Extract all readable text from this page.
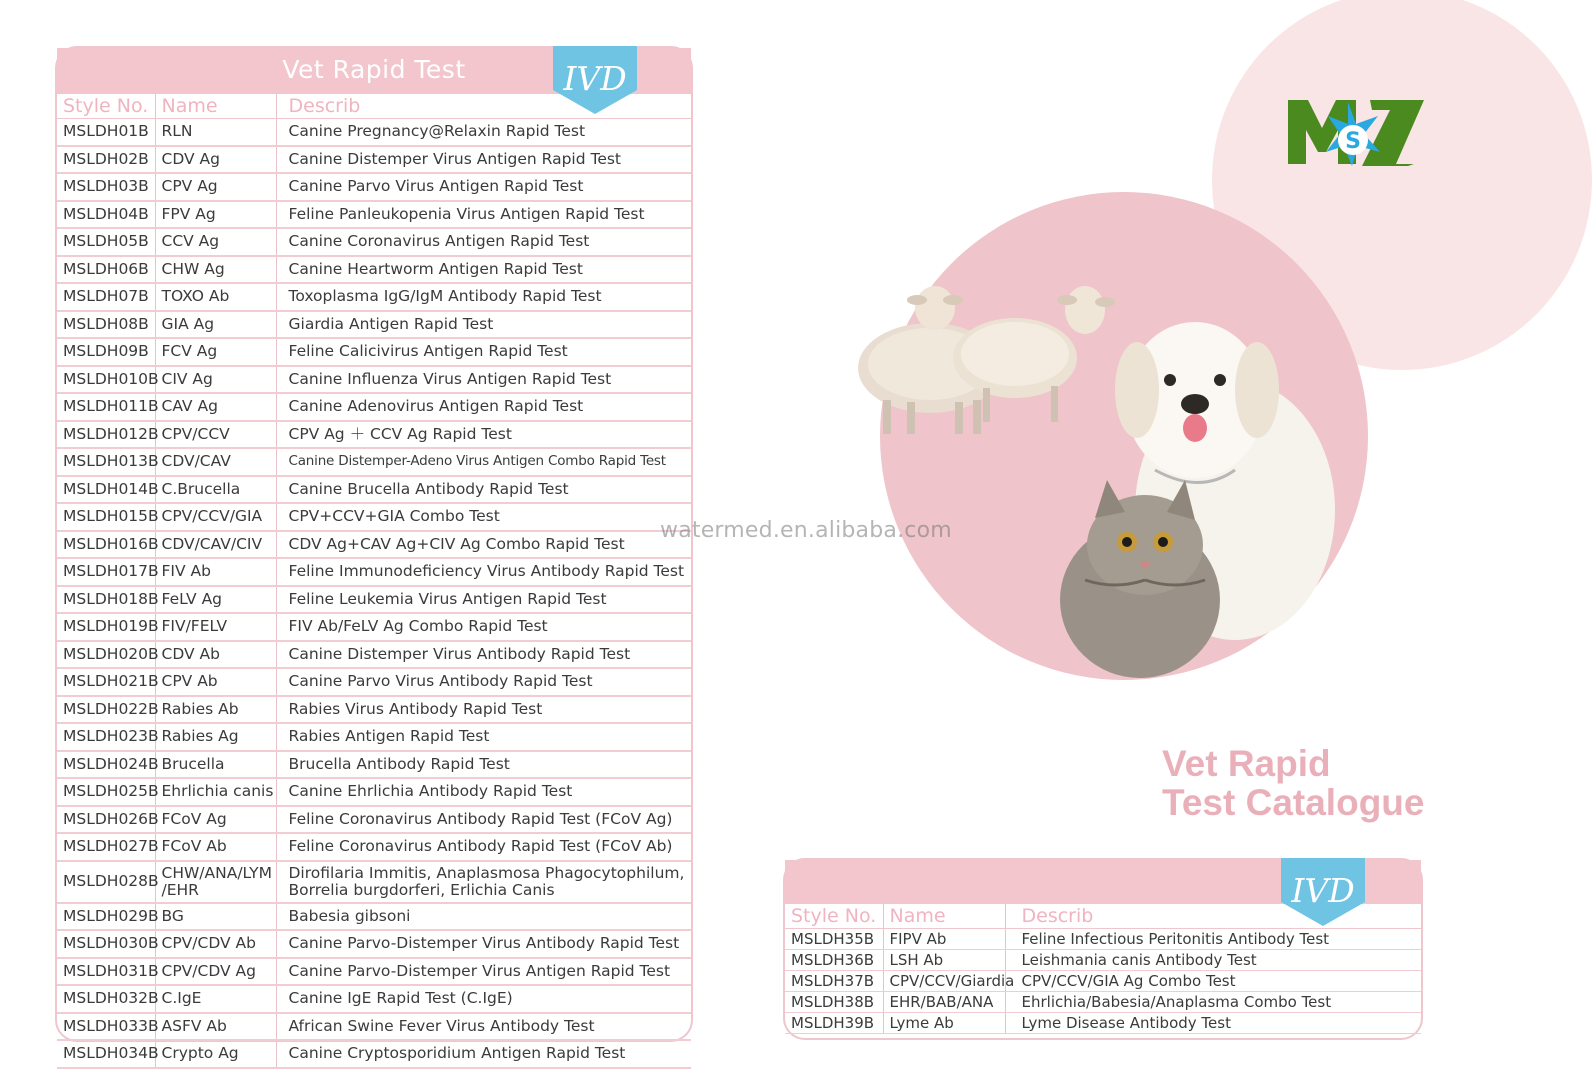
Vet Rapid Test	IVD
Style No.	Name	Describ
MSLDH01B	RLN	Canine Pregnancy@Relaxin Rapid Test
MSLDH02B	CDV Ag	Canine Distemper Virus Antigen Rapid Test
MSLDH03B	CPV Ag	Canine Parvo Virus Antigen Rapid Test
MSLDH04B	FPV Ag	Feline Panleukopenia Virus Antigen Rapid Test
MSLDH05B	CCV Ag	Canine Coronavirus Antigen Rapid Test
MSLDH06B	CHW Ag	Canine Heartworm Antigen Rapid Test
MSLDH07B	TOXO Ab	Toxoplasma IgG/IgM Antibody Rapid Test
MSLDH08B	GIA Ag	Giardia Antigen Rapid Test
MSLDH09B	FCV Ag	Feline Calicivirus Antigen Rapid Test
MSLDH010B	CIV Ag	Canine Influenza Virus Antigen Rapid Test
MSLDH011B	CAV Ag	Canine Adenovirus Antigen Rapid Test
MSLDH012B	CPV/CCV	CPV Ag ＋ CCV Ag Rapid Test
MSLDH013B	CDV/CAV	Canine Distemper-Adeno Virus Antigen Combo Rapid Test
MSLDH014B	C.Brucella	Canine Brucella Antibody Rapid Test
MSLDH015B	CPV/CCV/GIA	CPV+CCV+GIA Combo Test
MSLDH016B	CDV/CAV/CIV	CDV Ag+CAV Ag+CIV Ag Combo Rapid Test
MSLDH017B	FIV Ab	Feline Immunodeficiency Virus Antibody Rapid Test
MSLDH018B	FeLV Ag	Feline Leukemia Virus Antigen Rapid Test
MSLDH019B	FIV/FELV	FIV Ab/FeLV Ag Combo Rapid Test
MSLDH020B	CDV Ab	Canine Distemper Virus Antibody Rapid Test
MSLDH021B	CPV Ab	Canine Parvo Virus Antibody Rapid Test
MSLDH022B	Rabies Ab	Rabies Virus Antibody Rapid Test
MSLDH023B	Rabies Ag	Rabies Antigen Rapid Test
MSLDH024B	Brucella	Brucella Antibody Rapid Test
MSLDH025B	Ehrlichia canis	Canine Ehrlichia Antibody Rapid Test
MSLDH026B	FCoV Ag	Feline Coronavirus Antibody Rapid Test (FCoV Ag)
MSLDH027B	FCoV Ab	Feline Coronavirus Antibody Rapid Test (FCoV Ab)
MSLDH028B	CHW/ANA/LYM /EHR	Dirofilaria Immitis, Anaplasmosa Phagocytophilum, Borrelia burgdorferi, Erlichia Canis
MSLDH029B	BG	Babesia gibsoni
MSLDH030B	CPV/CDV Ab	Canine Parvo-Distemper Virus Antibody Rapid Test
MSLDH031B	CPV/CDV Ag	Canine Parvo-Distemper Virus Antigen Rapid Test
MSLDH032B	C.IgE	Canine IgE Rapid Test (C.IgE)
MSLDH033B	ASFV Ab	African Swine Fever Virus Antibody Test
MSLDH034B	Crypto Ag	Canine Cryptosporidium Antigen Rapid Test
IVD
Style No.	Name	Describ
MSLDH35B	FIPV Ab	Feline Infectious Peritonitis Antibody Test
MSLDH36B	LSH Ab	Leishmania canis Antibody Test
MSLDH37B	CPV/CCV/Giardia	CPV/CCV/GIA Ag Combo Test
MSLDH38B	EHR/BAB/ANA	Ehrlichia/Babesia/Anaplasma Combo Test
MSLDH39B	Lyme Ab	Lyme Disease Antibody Test
S
watermed.en.alibaba.com
Vet Rapid
Test Catalogue
